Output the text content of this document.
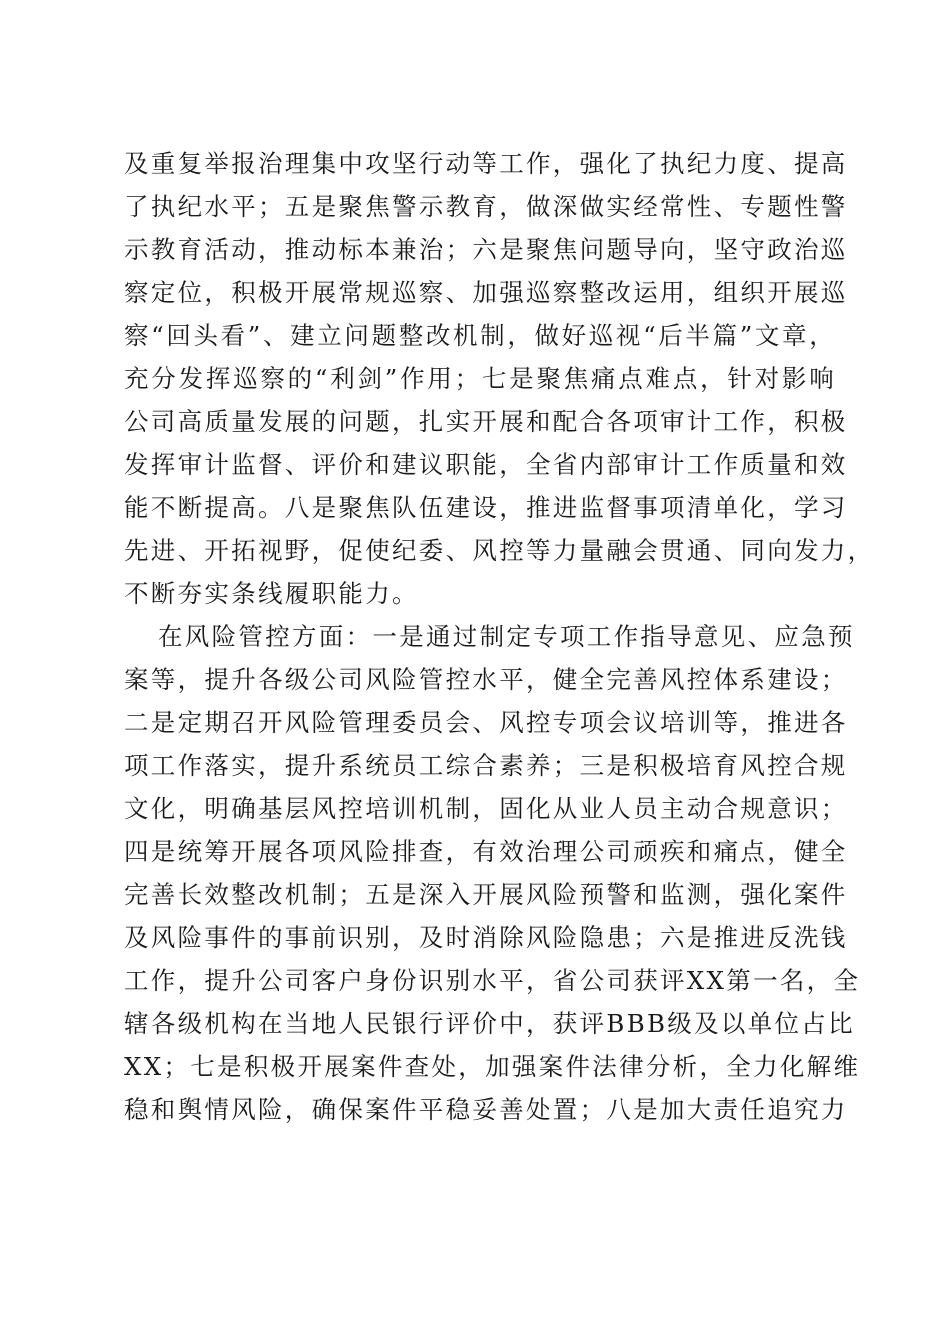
及重复举报治理集中攻坚行动等工作，强化了执纪力度、提高
了执纪水平；五是聚焦警示教育，做深做实经常性、专题性警
示教育活动，推动标本兼治；六是聚焦问题导向，坚守政治巡
察定位，积极开展常规巡察、加强巡察整改运用，组织开展巡
察“回头看”、建立问题整改机制，做好巡视“后半篇”文章，
充分发挥巡察的“利剑”作用；七是聚焦痛点难点，针对影响
公司高质量发展的问题，扎实开展和配合各项审计工作，积极
发挥审计监督、评价和建议职能，全省内部审计工作质量和效
能不断提高。八是聚焦队伍建设，推进监督事项清单化，学习
先进、开拓视野，促使纪委、风控等力量融会贯通、同向发力，
不断夯实条线履职能力。
在风险管控方面：一是通过制定专项工作指导意见、应急预
案等，提升各级公司风险管控水平，健全完善风控体系建设；
二是定期召开风险管理委员会、风控专项会议培训等，推进各
项工作落实，提升系统员工综合素养；三是积极培育风控合规
文化，明确基层风控培训机制，固化从业人员主动合规意识；
四是统筹开展各项风险排查，有效治理公司顽疾和痛点，健全
完善长效整改机制；五是深入开展风险预警和监测，强化案件
及风险事件的事前识别，及时消除风险隐患；六是推进反洗钱
工作，提升公司客户身份识别水平，省公司获评XX第一名，全
辖各级机构在当地人民银行评价中，获评BBB级及以单位占比
XX；七是积极开展案件查处，加强案件法律分析，全力化解维
稳和舆情风险，确保案件平稳妥善处置；八是加大责任追究力
